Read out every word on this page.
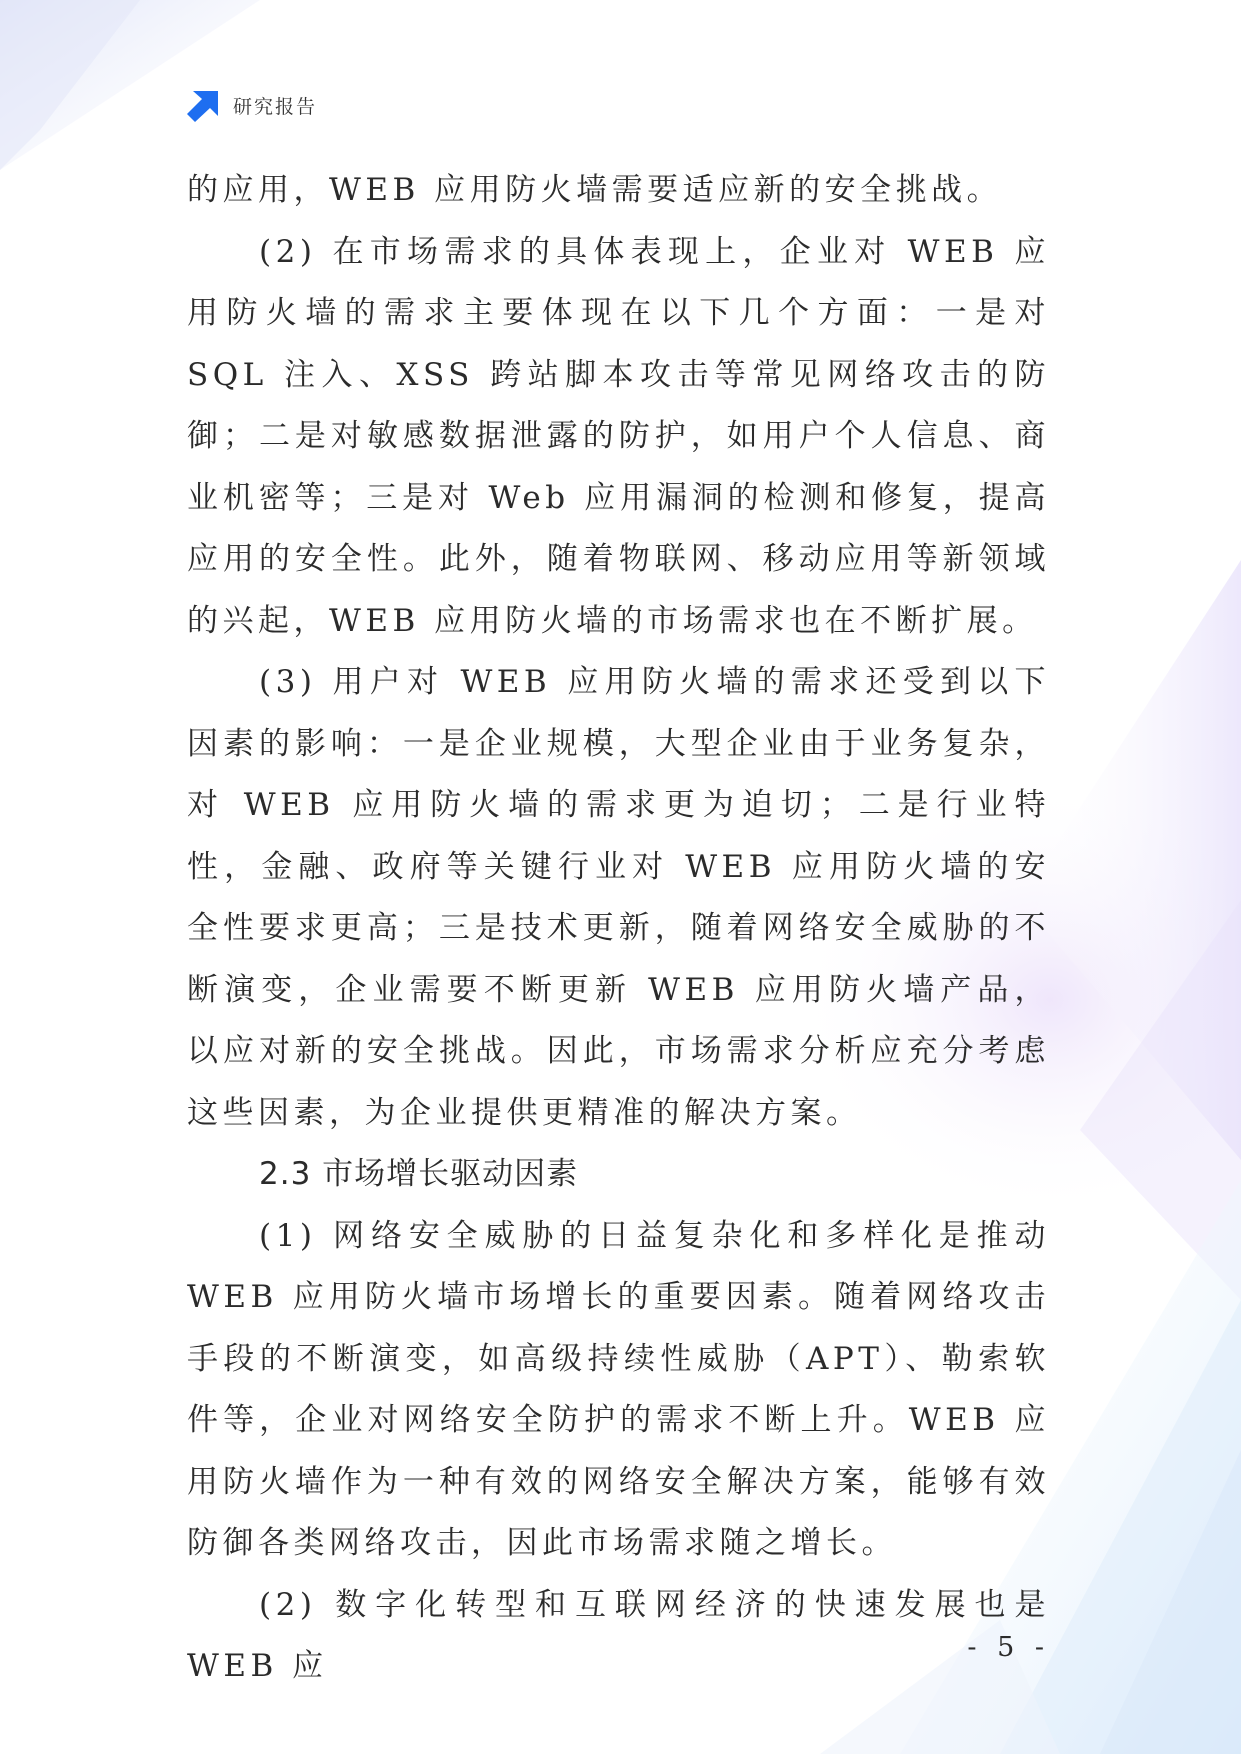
研究报告

的应用，WEB 应用防火墙需要适应新的安全挑战。

(2) 在市场需求的具体表现上，企业对 WEB 应用防火墙的需求主要体现在以下几个方面：一是对 SQL 注入、XSS 跨站脚本攻击等常见网络攻击的防御；二是对敏感数据泄露的防护，如用户个人信息、商业机密等；三是对 Web 应用漏洞的检测和修复，提高应用的安全性。此外，随着物联网、移动应用等新领域的兴起，WEB 应用防火墙的市场需求也在不断扩展。

(3) 用户对 WEB 应用防火墙的需求还受到以下因素的影响：一是企业规模，大型企业由于业务复杂，对 WEB 应用防火墙的需求更为迫切；二是行业特性，金融、政府等关键行业对 WEB 应用防火墙的安全性要求更高；三是技术更新，随着网络安全威胁的不断演变，企业需要不断更新 WEB 应用防火墙产品，以应对新的安全挑战。因此，市场需求分析应充分考虑这些因素，为企业提供更精准的解决方案。

2.3 市场增长驱动因素

(1) 网络安全威胁的日益复杂化和多样化是推动 WEB 应用防火墙市场增长的重要因素。随着网络攻击手段的不断演变，如高级持续性威胁（APT）、勒索软件等，企业对网络安全防护的需求不断上升。WEB 应用防火墙作为一种有效的网络安全解决方案，能够有效防御各类网络攻击，因此市场需求随之增长。

(2) 数字化转型和互联网经济的快速发展也是 WEB 应

- 5 -
